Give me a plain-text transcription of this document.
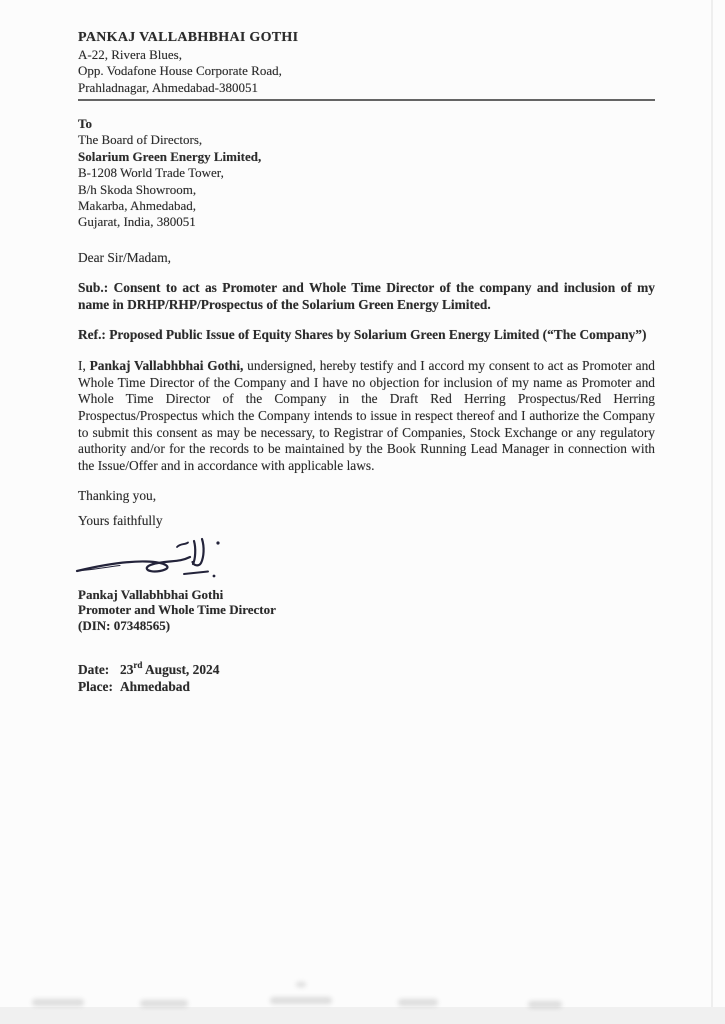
PANKAJ VALLABHBHAI GOTHI
A-22, Rivera Blues,
Opp. Vodafone House Corporate Road,
Prahladnagar, Ahmedabad-380051
To
The Board of Directors,
Solarium Green Energy Limited,
B-1208 World Trade Tower,
B/h Skoda Showroom,
Makarba, Ahmedabad,
Gujarat, India, 380051
Dear Sir/Madam,

Sub.: Consent to act as Promoter and Whole Time Director of the company and inclusion of my name in DRHP/RHP/Prospectus of the Solarium Green Energy Limited.

Ref.: Proposed Public Issue of Equity Shares by Solarium Green Energy Limited (“The Company”)

I, Pankaj Vallabhbhai Gothi, undersigned, hereby testify and I accord my consent to act as Promoter and Whole Time Director of the Company and I have no objection for inclusion of my name as Promoter and Whole Time Director of the Company in the Draft Red Herring Prospectus/Red Herring Prospectus/Prospectus which the Company intends to issue in respect thereof and I authorize the Company to submit this consent as may be necessary, to Registrar of Companies, Stock Exchange or any regulatory authority and/or for the records to be maintained by the Book Running Lead Manager in connection with the Issue/Offer and in accordance with applicable laws.

Thanking you,
Yours faithfully
Pankaj Vallabhbhai Gothi
Promoter and Whole Time Director
(DIN: 07348565)
Date: 23rd August, 2024
Place: Ahmedabad
